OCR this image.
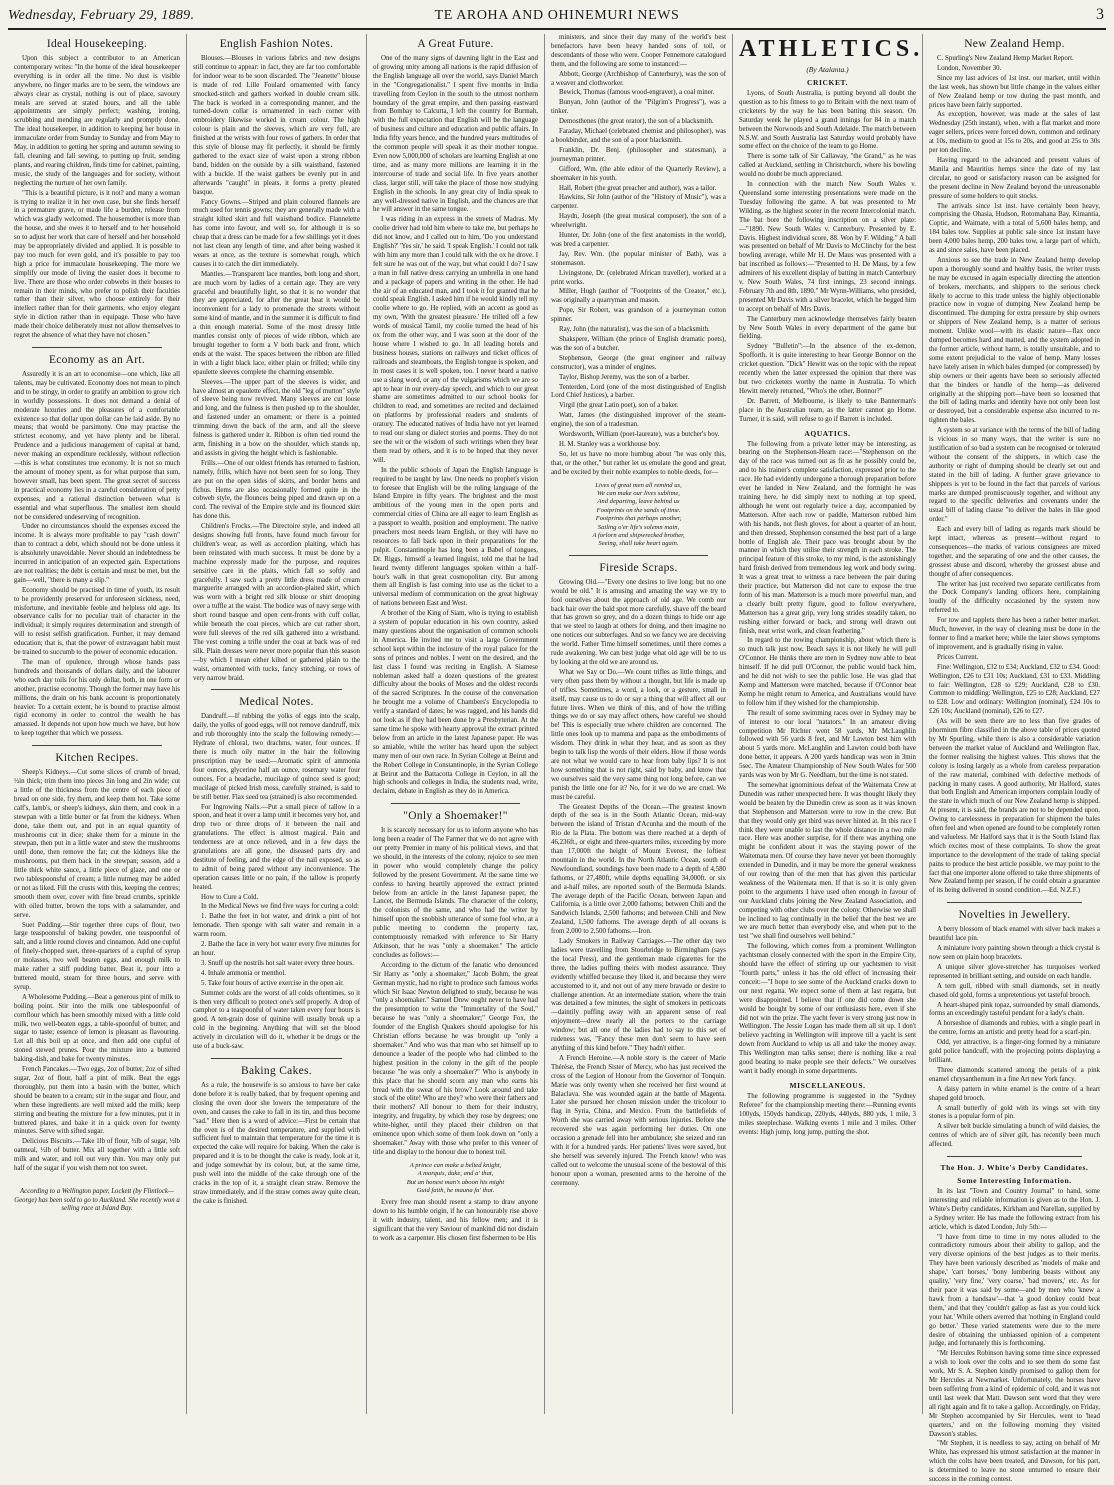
Wednesday, February 29, 1889.	TE AROHA AND OHINEMURI NEWS	3
Ideal Housekeeping.

Upon this subject a contributor to an American contemporary writes: "In the home of the ideal housekeeper everything is in order all the time. No dust is visible anywhere, no finger marks are to be seen, the windows are always clear as crystal, nothing is out of place, savoury meals are served at stated hours, and all the table appointments are simply perfect; washing, ironing, scrubbing and mending are regularly and promptly done. The ideal housekeeper, in addition to keeping her house in immaculate order from Sunday to Sunday and from May to May, in addition to getting her spring and autumn sewing to fall, cleaning and fall sewing, to putting up fruit, sending plants, and rearing children, finds time for cabinet, painting, music, the study of the languages and for society, without neglecting the nurture of her own family.

"This is a beautiful picture, is it not? and many a woman is trying to realize it in her own case, but she finds herself in a premature grave, or made life a burden, release from which was gladly welcomed. The housemother is more than the house, and she owes it to herself and to her household so to adjust her work that care of herself and her household may be appropriately divided and applied. It is possible to pay too much for even gold, and it's possible to pay too high a price for immaculate housekeeping. The more we simplify our mode of living the easier does it become to live. There are those who order cobwebs in their houses to remain in their minds, who prefer to polish their faculties rather than their silver, who choose entirely for their intellect rather than for their garments, who enjoy elegant style in diction rather than in equipage. Those who have made their choice deliberately must not allow themselves to regret the absence of what they have not chosen."

Economy as an Art.

Assuredly it is an art to economise—one which, like all talents, may be cultivated. Economy does not mean to pinch and to be stingy, in order to gratify an ambition to grow rich in worldly possessions. It does not demand a denial of moderate luxuries and the pleasures of a comfortable existence so that dollar upon dollar can be laid aside. By no means; that would be parsimony. One may practise the strictest economy, and yet have plenty and be liberal. Prudence and a judicious management of capital at hand, never making an expenditure recklessly, without reflection—this is what constitutes true economy. It is not so much the amount of money spent, as for what purpose that sum, however small, has been spent. The great secret of success in practical economy lies in a careful consideration of petty expenses, and a rational distinction between what is essential and what superfluous. The smallest item should not be considered undeserving of recognition.

Under no circumstances should the expenses exceed the income. It is always more profitable to pay "cash down" than to contract a debt, which should not be done unless it is absolutely unavoidable. Never should an indebtedness be incurred in anticipation of an expected gain. Expectations are not realities; the debt is certain and must be met, but the gain—well, "there is many a slip."

Economy should be practised in time of youth, its result to be providently preserved for unforeseen sickness, need, misfortune, and inevitable feeble and helpless old age. Its observance calls for no peculiar trait of character in the individual; it simply requires determination and strength of will to resist selfish gratification. Further, it may demand education; that is, that the power of extravagant habit must be trained to succumb to the power of economic education.

The man of opulence, through whose hands pass hundreds and thousands of dollars daily, and the labourer who each day toils for his only dollar, both, in one form or another, practise economy. Though the former may have his millions, the drain on his bank account is proportionately heavier. To a certain extent, he is bound to practise almost rigid economy in order to control the wealth he has amassed. It depends not upon how much we have, but how to keep together that which we possess.

Kitchen Recipes.

Sheep's Kidneys.—Cut some slices of crumb of bread, ½in thick; trim them into pieces 3in long and 2in wide; cut a little of the thickness from the centre of each piece of bread on one side, fry them, and keep them hot. Take some calf's, lamb's, or sheep's kidneys, skin them, and cook in a stewpan with a little butter or fat from the kidneys. When done, take them out, and put in an equal quantity of mushrooms cut in dice; shake them for a minute in the stewpan, then put in a little water and stew the mushrooms until done, then remove the fat; cut the kidneys like the mushrooms, put them back in the stewpan; season, add a little thick white sauce, a little piece of glaze, and one or two tablespoonsful of cream; a little nutmeg may be added or not as liked. Fill the crusts with this, keeping the centres; smooth them over, cover with fine bread crumbs, sprinkle with oiled butter, brown the tops with a salamander, and serve.

Suet Pudding.—Stir together three cups of flour, two large teaspoonsful of baking powder, one teaspoonful of salt, and a little round cloves and cinnamon. Add one cupful of finely-chopped suet, three-quarters of a cupful of syrup or molasses, two well beaten eggs, and enough milk to make rather a stiff pudding batter. Beat it, pour into a buttered mould, steam for three hours, and serve with syrup.

A Wholesome Pudding.—Beat a generous pint of milk to boiling point. Stir into the milk one tablespoonful of cornflour which has been smoothly mixed with a little cold milk, two well-beaten eggs, a table-spoonful of butter, and sugar to taste; essence of lemon is pleasant as flavouring. Let all this boil up at once, and then add one cupful of stoned stewed prunes. Pour the mixture into a buttered baking-dish, and bake for twenty minutes.

French Pancakes.—Two eggs, 2oz of butter, 2oz of sifted sugar, 2oz of flour, half a pint of milk. Beat the eggs thoroughly, put them into a basin with the butter, which should be beaten to a cream; stir in the sugar and flour, and when these ingredients are well mixed add the milk; keep stirring and beating the mixture for a few minutes, put it in buttered plates, and bake it in a quick oven for twenty minutes. Serve with sifted sugar.

Delicious Biscuits.—Take 1lb of flour, ½lb of sugar, ½lb oatmeal, ½lb of butter. Mix all together with a little soft milk and water, and roll out very thin. You may only put half of the sugar if you wish them not too sweet.

According to a Wellington paper, Lockett (by Flintlock—George) has been sold to go to Auckland. She recently won a selling race at Island Bay.
English Fashion Notes.

Blouses.—Blouses in various fabrics and new designs still continue to appear: in fact, they are far too comfortable for indoor wear to be soon discarded. The "Jeanette" blouse is made of red Lille Foulard ornamented with fancy smocked-stitch and gathers worked in double cream silk. The back is worked in a corresponding manner, and the turned-down collar is ornamented in each corner with embroidery likewise worked in cream colour. The high colour is plain and the sleeves, which are very full, are finished at the wrists with four rows of gathers. In order that this style of blouse may fit perfectly, it should be firmly gathered to the exact size of waist upon a strong ribbon band, hidden on the outside by a silk waistband, fastened with a buckle. If the waist gathers be evenly put in and afterwards "caught" in pleats, it forms a pretty pleated basque.

Fancy Gowns.—Striped and plain coloured flannels are much used for tennis gowns; they are generally made with a straight kilted skirt and full waistband bodice. Flannelette has come into favour, and well so, for although it is so cheap that a dress can be made for a few shillings yet it does not last clean any length of time, and after being washed it wears at once, as the texture is somewhat rough, which causes it to catch the dirt immediately.

Mantles.—Transparent lace mantles, both long and short, are much worn by ladies of a certain age. They are very graceful and beautifully light, so that it is no wonder that they are appreciated, for after the great heat it would be inconvenient for a lady to promenade the streets without some kind of mantle, and in the summer it is difficult to find a thin enough material. Some of the most dressy little mantles consist only of pieces of wide ribbon, which are brought together to form a V both back and front, which ends at the waist. The spaces between the ribbon are filled in with a light black lace, either plain or frilled; while tiny epaulette sleeves complete the charming ensemble.

Sleeves.—The upper part of the sleeves is wider, and have almost an epaulette effect, the old "leg of mutton" style of sleeve being now revived. Many sleeves are cut loose and long, and the fulness is then pushed up to the shoulder, and fastened under an ornament; or there is a pointed trimming down the back of the arm, and all the sleeve fulness is gathered under it. Ribbon is often tied round the arm, finishing in a bow on the shoulder, which stands up, and assists in giving the height which is fashionable.

Frills.—One of our oldest friends has returned to fashion, namely, frills, which have not been seen for so long. They are put on the open sides of skirts, and border hems and fichus. Hems are also occasionally formed quite in the cobweb style, the flounces being piped and drawn up on a cord. The revival of the Empire style and its flounced skirt has done this.

Children's Frocks.—The Directoire style, and indeed all designs showing full fronts, have found much favour for children's wear, as well as accordion plaiting, which has been reinstated with much success. It must be done by a machine expressly made for the purpose, and requires sensitive care in the plaits, which fall so softly and gracefully. I saw such a pretty little dress made of cream marguerite arranged with an accordion-plaited skirt, which was worn with a bright red silk blouse or shirt drooping over a tuffle at the waist. The bodice was of navy serge with short round basque and open cent-fronts with cuff collar, while beneath the coat pieces, which are cut rather short, were full sleeves of the red silk gathered into a wristband. The vest coming a trifle under the coat at back was of red silk. Plain dresses were never more popular than this season—by which I mean either kilted or gathered plain to the waist, ornamented with tucks, fancy stitching, or rows of very narrow braid.

Medical Notes.

Dandruff.—If rubbing the yolks of eggs into the scalp, daily, the yolks of good eggs, will not remove dandruff, mix and rub thoroughly into the scalp the following remedy:—Hydrate of chloral, two drachms, water, four ounces. If there is much oily matter in the hair the following prescription may be used:—Aromatic spirit of ammonia four ounces, glycerine half an ounce, rosemary water four ounces. For a headache, mucilage of quince seed is good; mucilage of picked Irish moss, carefully strained, is said to be still better. Flax seed tea (strained) is also recommended.

For Ingrowing Nails.—Put a small piece of tallow in a spoon, and heat it over a lamp until it becomes very hot, and drop two or three drops of it between the nail and granulations. The effect is almost magical. Pain and tenderness are at once relieved, and in a few days the granulations are all gone, the diseased parts dry and destitute of feeling, and the edge of the nail exposed, so as to admit of being pared without any inconvenience. The operation causes little or no pain, if the tallow is properly heated.

How to Cure a Cold.

In the Medical News we find five ways for curing a cold:

1. Bathe the feet in hot water, and drink a pint of hot lemonade. Then sponge with salt water and remain in a warm room.

2. Bathe the face in very hot water every five minutes for an hour.

3. Snuff up the nostrils hot salt water every three hours.

4. Inhale ammonia or menthol.

5. Take four hours of active exercise in the open air.

Summer colds are the worst of all colds oftentimes, so it is then very difficult to protect one's self properly. A drop of camphor to a teaspoonful of water taken every four hours is good. A ten-grain dose of quinine will usually break up a cold in the beginning. Anything that will set the blood actively in circulation will do it, whether it be drugs or the use of a buck-saw.

Baking Cakes.

As a rule, the housewife is so anxious to have her cake done before it is really baked, that by frequent opening and closing the oven door she lowers the temperature of the oven, and causes the cake to fall in its tin, and thus become "sad." Here then is a word of advice:—First be certain that the oven is of the desired temperature, and supplied with sufficient fuel to maintain that temperature for the time it is expected the cake will require for baking. When the cake is prepared and it is to be thought the cake is ready, look at it, and judge somewhat by its colour, but, at the same time, push well into the middle of the cake through one of the cracks in the top of it, a straight clean straw. Remove the straw immediately, and if the straw comes away quite clean, the cake is finished.

A Great Future.

One of the many signs of dawning light in the East and of growing unity among all nations is the rapid diffusion of the English language all over the world, says Daniel March in the "Congregationalist." I spent five months in India travelling from Ceylon in the south to the utmost northern boundary of the great empire, and then passing eastward from Bombay to Calcutta, I left the country for Burmah, with the full expectation that English will be the language of business and culture and education and public affairs. In India fifty years hence, and the hundred years multitudes of the common people will speak it as their mother tongue. Even now 5,000,000 of scholars are learning English at one time, and as many more millions are learning it in the intercourse of trade and social life. In five years another class, larger still, will take the place of those now studying English in the schools. In any great city of India speak to any well-dressed native in English, and the chances are that he will answer in the same tongue.

I was riding in an express in the streets of Madras. My coolie driver had told him where to take me, but perhaps he did not know, and I called out to him, 'Do you understand English?' 'Yes sir,' he said. 'I speak English.' I could not talk with him any more than I could talk with the ox he drove. I felt sure he was out of the way, but what could I do? I saw a man in full native dress carrying an umbrella in one hand and a package of papers and writing in the other. He had the air of an educated man, and I took it for granted that he could speak English. I asked him if he would kindly tell my coolie where to go. He replied, with an accent as good as my own, 'With the greatest pleasure.' He trilled off a few words of musical Tamil, my coolie turned the head of his ox from the other way, and I was soon at the door of the house where I wished to go. In all leading hotels and business houses, stations on railways and ticket offices of railroads and steamboats, the English tongue is spoken, and in most cases it is well spoken, too. I never heard a native use a slang word, or any of the vulgarisms which we are so apt to hear in our every-day speech, and which to our great shame are sometimes admitted to our school books for children to read, and sometimes are recited and declaimed on platforms by professional readers and students of oratory. The educated natives of India have not yet learned to read our slang or dialect stories and poems. They do not see the wit or the wisdom of such writings when they hear them read by others, and it is to be hoped that they never will.

In the public schools of Japan the English language is required to be taught by law. One needs no prophet's vision to foresee that English will be the ruling language of the Island Empire in fifty years. The brightest and the most ambitious of the young men in the open ports and commercial cities of China are all eager to learn English as a passport to wealth, position and employment. The native preachers most needs learn English, or they will have no resources to fall back upon in their preparations for the pulpit. Constantinople has long been a Babel of tongues, Dr. Riggs, himself a learned linguist, told me that he had heard twenty different languages spoken within a half-hour's walk in that great cosmopolitan city. But among them all English is fast coming into use as the ticket to a universal medium of communication on the great highway of nations between East and West.

A brother of the King of Siam, who is trying to establish a system of popular education in his own country, asked many questions about the organisation of common schools in America. He invited me to visit a large Government school kept within the inclosure of the royal palace for the sons of princes and nobles. I went on the desired, and the last class I found was reciting in English. A Siamese nobleman asked half a dozen questions of the greatest difficulty about the books of Moses and the oldest records of the sacred Scriptures. In the course of the conversation he brought me a volume of Chambers's Encyclopedia to verify a standard of dates; he was ragged, and his hands did not look as if they had been done by a Presbyterian. At the same time he spoke with hearty approval the extract printed below from an article in the latest Japanese paper. He was so amiable, while the writer has heard upon the subject many men of our own race. In Syrian College at Beirut and the Robert College in Constantinople, in the Syrian College at Beirut and the Battacotta College in Ceylon, in all the high schools and colleges in India, the students read, write, declaim, debate in English as they do in America.

"Only a Shoemaker!"

It is scarcely necessary for us to inform anyone who has long been a reader of The Farmer that we do not agree with our pretty Premier in many of his political views, and that we should, in the interests of the colony, rejoice to see men in power who would completely change the policy followed by the present Government. At the same time we confess to having heartily approved the extract printed below from an article in the latest Japanese paper, the Lancet, the Bermuda Islands. The character of the colony, the colonists of the same, and who had the writer by himself upon the snobbish utterance of some fool who, at a public meeting to condemn the property tax, contemptuously remarked with reference to Sir Harry Atkinson, that he was "only a shoemaker." The article concludes as follows:—

According to the dictum of the fanatic who denounced Sir Harry as "only a shoemaker," Jacob Bohm, the great German mystic, had no right to produce such famous works which Sir Isaac Newton delighted to study, because he was "only a shoemaker." Samuel Drew ought never to have had the presumption to write the "Immortality of the Soul," because he was "only a shoemaker;" George Fox, the founder of the English Quakers should apologise for his Christian efforts because he was brought up "only a shoemaker." And who was that man who set himself up to denounce a leader of the people who had climbed to the highest position in the colony in the gift of the people because "he was only a shoemaker?" Who is anybody in this place that he should scorn any man who earns his bread with the sweat of his brow? Look around and take stock of the elite! Who are they? who were their fathers and their mothers? All honour to them for their industry, integrity, and frugality, by which they rose by degrees; one white-higher, until they placed their children on that eminence upon which some of them look down on "only a shoemaker." Away with those who prefer to this veneer of title and display to the honour due to honest toil.

A prince can make a belted knight,
A marquis, duke, and a' that,
But an honest man's aboon his might
Guid faith, he mauna fa' that.

Every free man should resent a stamp to draw anyone down to his humble origin, if he can honourably rise above it with industry, talent, and his fellow men; and it is significant that the very Saviour of mankind did not disdain to work as a carpenter. His chosen first fishermen to be His

ministers, and since their day many of the world's best benefactors have been heavy handed sons of toil, or descendants of those who were. Cooper Fennemore catalogued them, and the following are some to instanced:—

Abbott, George (Archbishop of Canterbury), was the son of a weaver and clothworker.

Bewick, Thomas (famous wood-engraver), a coal miner.

Bunyan, John (author of the "Pilgrim's Progress"), was a tinker.

Demosthenes (the great orator), the son of a blacksmith.

Faraday, Michael (celebrated chemist and philosopher), was a bookbinder, and the son of a poor blacksmith.

Franklin, Dr. Benj. (philosopher and statesman), a journeyman printer.

Gifford, Wm. (the able editor of the Quarterly Review), a shoemaker in his youth.

Hall, Robert (the great preacher and author), was a tailor.

Hawkins, Sir John (author of the "History of Music"), was a carpenter.

Haydn, Joseph (the great musical composer), the son of a wheelwright.

Hunter, Dr. John (one of the first anatomists in the world), was bred a carpenter.

Jay, Rev. Wm. (the popular minister of Bath), was a stonemason.

Livingstone, Dr. (celebrated African traveller), worked at a print works.

Miller, Hugh (author of "Footprints of the Creator," etc.), was originally a quarryman and mason.

Pope, Sir Robert, was grandson of a journeyman cotton spinner.

Ray, John (the naturalist), was the son of a blacksmith.

Shakspere, William (the prince of English dramatic poets), was the son of a butcher.

Stephenson, George (the great engineer and railway constructor), was a minder of engines.

Taylor, Bishop Jeremy, was the son of a barber.

Tenterden, Lord (one of the most distinguished of English Lord Chief Justices), a barber.

Virgil (the great Latin poet), son of a baker.

Watt, James (the distinguished improver of the steam-engine), the son of a tradesman.

Wordsworth, William (poet-laureate), was a butcher's boy.

H. M. Stanley was a workhouse boy.

So, let us have no more humbug about "he was only this, that, or the other," but rather let us emulate the good and great, and be excited by their noble examples to noble deeds, for—

Lives of great men all remind us,
We can make our lives sublime,
And departing, leave behind us
Footprints on the sands of time.
Footprints that perhaps another,
Sailing o'er life's solemn main,
A forlorn and shipwrecked brother,
Seeing, shall take heart again.
Fireside Scraps.

Growing Old.—"Every one desires to live long; but no one would be old." It is amusing and amazing the way we try to fool ourselves about the approach of old age. We comb our back hair over the bald spot more carefully, shave off the beard that has grown so grey, and do a dozen things to hide our age that we steel to laugh at others for doing, and then imagine no one notices our subterfuges. And so we fancy we are deceiving the world. Father Time himself sometimes, until there comes a rude awakening. We can best judge what old age will be to us by looking at the old we are around us.

What we Say or Do.—We count trifles as little things, and very often pass them by without a thought, but life is made up of trifles. Sometimes, a word, a look, or a gesture, small in itself, may cause us to do or say a thing that will affect all our future lives. When we think of this, and of how the trifling things we do or say may affect others, how careful we should be! This is especially true where children are concerned. The little ones look up to mamma and papa as the embodiments of wisdom. They drink in what they hear, and as soon as they begin to talk lisp the words of their elders. How if those words are not what we would care to hear from baby lips? It is not how something that is not right, said by baby, and know that we ourselves said the very same thing not long before, can we punish the little one for it? No, for it we do we are cruel. We must be careful.

The Greatest Depths of the Ocean.—The greatest known depth of the sea is in the South Atlantic Ocean, mid-way between the island of Tristan d'Acunha and the mouth of the Rio de la Plata. The bottom was there reached at a depth of 46,236ft., or eight and three-quarters miles, exceeding by more than 17,000ft the height of Mount Everest, the loftiest mountain in the world. In the North Atlantic Ocean, south of Newfoundland, soundings have been made to a depth of 4,580 fathoms, or 27,480ft, while depths equalling 34,000ft. or six and a-half miles, are reported south of the Bermuda Islands. The average depth of the Pacific Ocean, between Japan and California, is a little over 2,000 fathoms; between Chili and the Sandwich Islands, 2,500 fathoms; and between Chili and New Zealand, 1,500 fathoms. The average depth of all oceans is from 2,000 to 2,500 fathoms.—Iron.

Lady Smokers in Railway Carriages.—The other day two ladies were travelling from Stourbridge to Birmingham (says the local Press), and the gentleman made cigarettes for the three, the ladies puffing theirs with modest assurance. They evidently whiffed because they liked it, and because they were accustomed to it, and not out of any mere bravado or desire to challenge attention. At an intermediate station, where the train was detained a few minutes, the sight of smokers in petticoats—daintily puffing away with an apparent sense of real enjoyment—drew nearly all the porters to the carriage window; but all one of the ladies had to say to this set of rudeness was, "Fancy these men don't seem to have seen anything of this kind before." They hadn't either.

A French Heroine.—A noble story is the career of Marie Thérèse, the French Sister of Mercy, who has just received the cross of the Legion of Honour from the Governor of Tonquin. Marie was only twenty when she received her first wound at Balaclava. She was wounded again at the battle of Magenta. Later she pursued her chosen mission under the tricolour to flag in Syria, China, and Mexico. From the battlefields of Worth she was carried away with serious injuries. Before she recovered she was again performing her duties. On one occasion a grenade fell into her ambulance; she seized and ran with it for a hundred yards. Her patients' lives were saved, but she herself was severely injured. The French know! who was called out to welcome the unusual scene of the bestowal of this honour upon a woman, presented arms to the heroine of the ceremony.

ATHLETICS.
(By Atalanta.)
CRICKET.

Lyons, of South Australia, is putting beyond all doubt the question as to his fitness to go to Britain with the next team of cricketers by the way he has been batting this season. On Saturday week he played a grand innings for 84 in a match between the Norwoods and South Adelaide. The match between N.S.W. and South Australia last Saturday would probably have some effect on the choice of the team to go Home.

There is some talk of Sir Callaway, "the Grand," as he was called at Auckland, settling in Christchurch, where his bowling would no doubt be much appreciated.

In connection with the match New South Wales v. Queensland some interesting presentations were made on the Tuesday following the game. A bat was presented to Mr Wilding, as the highest scorer in the recent Intercolonial match. The bat bore the following inscription on a silver plate:—"1890. New South Wales v. Canterbury. Presented by E. Davis. Highest individual score, 88. Won by F. Wilding." A ball was presented on behalf of Mr Davis to McClinchy for the best bowling average, while Mr H. De Maus was presented with a bat inscribed as follows:—"Presented to H. De Maus, by a few admirers of his excellent display of batting in match Canterbury v. New South Wales, 74 first innings, 23 second innings. February 7th and 8th, 1890." Mr Wynn-Williams, who presided, presented Mr Davis with a silver bracelet, which he begged him to accept on behalf of Mrs Davis.

The Canterbury men acknowledge themselves fairly beaten by New South Wales in every department of the game but fielding.

Sydney "Bulletin":—In the absence of the ex-demon, Spofforth, it is quite interesting to hear George Bonnor on the cricket question. "Dick" Hewitt was on the topic with the repeat recently when the latter expressed the opinion that there was but two cricketers worthy the name in Australia. To which Hewitt merely returned, "Who's the other, Bonnor?"

Dr. Barrett, of Melbourne, is likely to take Bannerman's place in the Australian team, as the latter cannot go Home. Turner, it is said, will refuse to go if Barrett is included.

AQUATICS.

The following from a private letter may be interesting, as bearing on the Stephenson-Hearn race:—"Stephenson on the day of the race was turned out as fit as he possibly could be, and to his trainer's complete satisfaction, expressed prior to the race. He had evidently undergone a thorough preparation before ever he landed in New Zealand, and the fortnight he was training here, he did simply next to nothing at top speed, although he went out regularly twice a day, accompanied by Matterson. After each row or paddle, Matterson rubbed him with his hands, not flesh gloves, for about a quarter of an hour, and then dressed, Stephenson consumed the best part of a large bottle of English ale. Their pace was brought about by the manner in which they utilise their strength in each stroke. The principal feature of this stroke, to my mind, is the astonishingly hard finish derived from tremendous leg work and body swing. It was a great treat to witness a race between the pair during their practice, but Matterson did not care to expose the true form of his man. Matterson is a much more powerful man, and a clearly built pretty figure, good to follow everywhere, Matterson has a great grip, very long strides steadily taken, no rushing either forward or back, and strong well drawn out finish, neat wrist work, and clean feathering."

In regard to the rowing championship, about which there is so much talk just now, Beach says it is not likely he will pull O'Connor. He thinks there are men in Sydney now able to beat himself. If he did pull O'Connor, the public would back him, and he did not wish to see the public lose. He was glad that Kemp and Matterson were matched, because if O'Connor beat Kemp he might return to America, and Australians would have to follow him if they wished for the championship.

The result of some swimming races over in Sydney may be of interest to our local "natators." In an amateur diving competition Mr Richter went 58 yards, Mr McLaughlin followed with 56 yards 8 feet, and Mr Lawton best him with about 5 yards more. McLaughlin and Lawton could both have done better, it appears. A 200 yards handicap was won in 3min 5sec. The Amateur Championship of New South Wales for 500 yards was won by Mr G. Needham, but the time is not stated.

The somewhat ignominious defeat of the Waitemata Crew at Dunedin was rather unexpected here. It was thought likely they would be beaten by the Dunedin crew as soon as it was known that Stephenson and Matterson were to row in the crew. But that they would only get third was never hinted at. In this race I think they were unable to last the whole distance in a two mile race. Here was another surprise, for if there was anything one might be confident about it was the staying power of the Waitemata men. Of course they have never yet been thoroughly extended in Dunedin, and it may be more the general weakness of our rowing than of the men that has given this particular weakness of the Waitemata men. If that is so it is only given point to the arguments I have used often enough in favour of our Auckland clubs joining the New Zealand Association, and competing with other clubs over the colony. Otherwise we shall be inclined to lag continually in the belief that the best we are we are much better than everybody else, and when put to the test "we shall find ourselves well behind."

The following, which comes from a prominent Wellington yachtsman closely connected with the sport in the Empire City, should have the effect of stirring up our yachtsmen to visit "fourth parts," unless it has the old effect of increasing their conceit:—"I hope to see some of the Auckland cracks down to our next regatta. We expect some of them at last regatta, but were disappointed. I believe that if one did come down she would be bought by some of our enthusiasts here, even if she did not win the prize. The yacht fever is very strong just now in Wellington. The Jessie Logan has made them all sit up. I don't believe yachting in Wellington will improve till a yacht is sent down from Auckland to whip us all and take the money away. This Wellington man talks sense; there is nothing like a real good beating to make people see their defects." We ourselves want it badly enough in some departments.

MISCELLANEOUS.

The following programme is suggested in the "Sydney Referee" for the championship meeting there:—Running events 100yds, 150yds handicap, 220yds, 440yds, 880 yds, 1 mile, 3 miles steeplechase. Walking events 1 mile and 3 miles. Other events: High jump, long jump, putting the shot.

New Zealand Hemp.

C. Spurling's New Zealand Hemp Market Report.

London, November 30.

Since my last advices of 1st inst. our market, until within the last week, has shown but little change in the values either of New Zealand hemp or tow during the past month, and prices have been fairly supported.

As exception, however, was made at the sales of last Wednesday (25th instant), when, with a flat market and more eager sellers, prices were forced down, common and ordinary at 10s, medium to good at 15s to 20s, and good at 25s to 30s per ton decline.

Having regard to the advanced and present values of Manila and Mauritius hemps since the date of my last circular, no good or satisfactory reason can be assigned for the present decline in New Zealand beyond the unreasonable pressure of some holders to quit stocks.

The arrivals since 1st inst. have certainly been heavy, comprising the Ohasia, Hudson, Rotomahana Bay, Kimantia, Coptic, and Waimate, with a total of 5,600 bales hemp, and 184 bales tow. Supplies at public sale since 1st instant have been 4,000 bales hemp, 200 bales tow, a large part of which, as and since sales, have been placed.

Anxious to see the trade in New Zealand hemp develop upon a thoroughly sound and healthy basis, the writer trusts he may be excused in again especially directing the attention of brokers, merchants, and shippers to the serious check likely to accrue to this trade unless the highly objectionable practice now in vogue of dumping New Zealand hemp be discontinued. The dumping for extra pressure by ship owners or shippers of New Zealand hemp, is a matter of serious moment. Unlike wool—with its elastic nature—flax once dumped becomes hard and matted, and the system adopted in the former article, without harm, is totally unsuitable, and to some extent prejudicial to the value of hemp. Many losses have lately arisen in which bales dumped (or compressed) by ship owners or their agents have been so seriously affected that the binders or handle of the hemp—as delivered originally at the shipping port—have been so loosened that the bill of lading marks and identity have not only been lost or destroyed, but a considerable expense also incurred to re-tighten the bales.

A system so at variance with the terms of the bill of lading is vicious in so many ways, that the writer is sure no justification of so bad a system can be recognised or tolerated without the consent of the shippers, in which case the authority or right of dumping should be clearly set out and stated in the bill of lading. A further grave grievance to shippers is yet to be found in the fact that parcels of various marks are dumped promiscuously together, and without any regard to the specific deliveries and covenants under the usual bill of lading clause "to deliver the bales in like good order."

Each and every bill of lading as regards mark should be kept intact, whereas as present—without regard to consequences—the marks of various consignees are mixed together, and the separating of one and the other causes, the grossest abuse and discord, whereby the grossest abuse and thought of after consequences.

The writer has just received two separate certificates from the Dock Company's landing officers here, complaining loudly of the difficulty occasioned by the system now referred to.

For tow and tapplets there has been a rather better market. Much, however, in the way of cleaning must be done in the former to find a market here; while the later shows symptoms of improvement, and is gradually rising in value.

Prices Current.

Fine: Wellington, £32 to £34; Auckland, £32 to £34. Good: Wellington, £26 to £31 10s; Auckland, £31 to £33. Middling to fair: Wellington, £28 to £29; Auckland, £28 to £30. Common to middling: Wellington, £25 to £28; Auckland, £27 to £28. Low and ordinary: Wellington (nominal), £24 10s to £26 10s; Auckland (nominal), £26 to £27.

(As will be seen there are no less than five grades of phormium fibre classified in the above table of prices quoted by Mr Spurling, while there is also a considerable variation between the market value of Auckland and Wellington flax, the former realising the highest values. This shows that the colony is losing largely as a whole from careless preparation of the raw material, combined with defective methods of packing in many cases. A good authority, Mr Halford, states that both English and American importers complain loudly of the state in which much of our New Zealand hemp is shipped. At present, it is said, the brands are not to be depended upon. Owing to carelessness in preparation for shipment the bales often feel and when opened are found to be completely rotten and valueless. Mr Halford says that it is the South Island flax which excites most of these complaints. To show the great importance to the development of the trade of taking special pains to produce the best article possible, we may point to the fact that one importer alone offered to take three shipments of New Zealand hemp per season, if he could obtain a guarantee of its being delivered in sound condition.—Ed. N.Z.F.)

Novelties in Jewellery.

A berry blossom of black enamel with silver back makes a beautiful lace pin.

A miniature ivory painting shown through a thick crystal is now seen on plain hoop bracelets.

A unique silver glove-stretcher has turquoises worked represented in brilliant setting, and outside on each handle.

A tern gull, ribbed with small diamonds, set in neatly chased old gold, forms a unpretentious yet tasteful brooch.

A heart-shaped pink topaz, surrounded by small diamonds, forms an exceedingly tasteful pendant for a lady's chain.

A horseshoe of diamonds and rubies, with a single pearl in the centre, forms an artistic and pretty head for a scarf-pin.

Odd, yet attractive, is a finger-ring formed by a miniature gold police handcuff, with the projecting points displaying a brilliant.

Three diamonds scattered among the petals of a pink enamel chrysanthemum in a fine Art new York fancy.

A daisy pattern in white enamel is the centre of a heart shaped gold brooch.

A small butterfly of gold with its wings set with tiny stones is a popular form of pin.

A silver belt buckle simulating a bunch of wild daisies, the centres of which are of silver gilt, has recently been much affected.

The Hon. J. White's Derby Candidates.
Some Interesting Information.

In its last "Town and Country Journal" to hand, some interesting and reliable information is given as to the Hon. J. White's Derby candidates, Kirkham and Narellan, supplied by a Sydney writer. He has made the following extract from his article, which is dated London, July 5th:—

"I have from time to time in my notes alluded to the contradictory rumours about their ability to gallop, and the very diverse opinions of the best judges as to their merits. They have been variously described as 'models of make and shape,' 'cart horses,' 'bony lumbering beasts without any quality,' 'very fine,' 'very coarse,' 'bad movers,' etc. As for their pace it was said by some—and by men who 'knew a hawk from a handsaw'—that 'a good donkey could beat them,' and that they 'couldn't gallop as fast as you could kick your hat.' While others averred that 'nothing in England could go better.' These varied statements were due to the mere desire of obtaining the unbiassed opinion of a competent judge, and fortunately this is forthcoming.

"Mr Hercules Robinson having some time since expressed a wish to look over the colts and to see them do some fast work, Mr S. A. Stephen kindly promised to gallop them for Mr Hercules at Newmarket. Unfortunately, the horses have been suffering from a kind of epidemic of cold, and it was not until last week that Matt. Dawson sent word that they were all right again and fit to take a gallop. Accordingly, on Friday, Mr Stephen accompanied by Sir Hercules, went to 'head quarters,' and on the following morning they visited Dawson's stables.

"Mr Stephen, it is needless to say, acting on behalf of Mr White, has expressed his utmost satisfaction at the manner in which the colts have been treated, and Dawson, for his part, is determined to leave no stone unturned to ensure their success in the coming contest.
